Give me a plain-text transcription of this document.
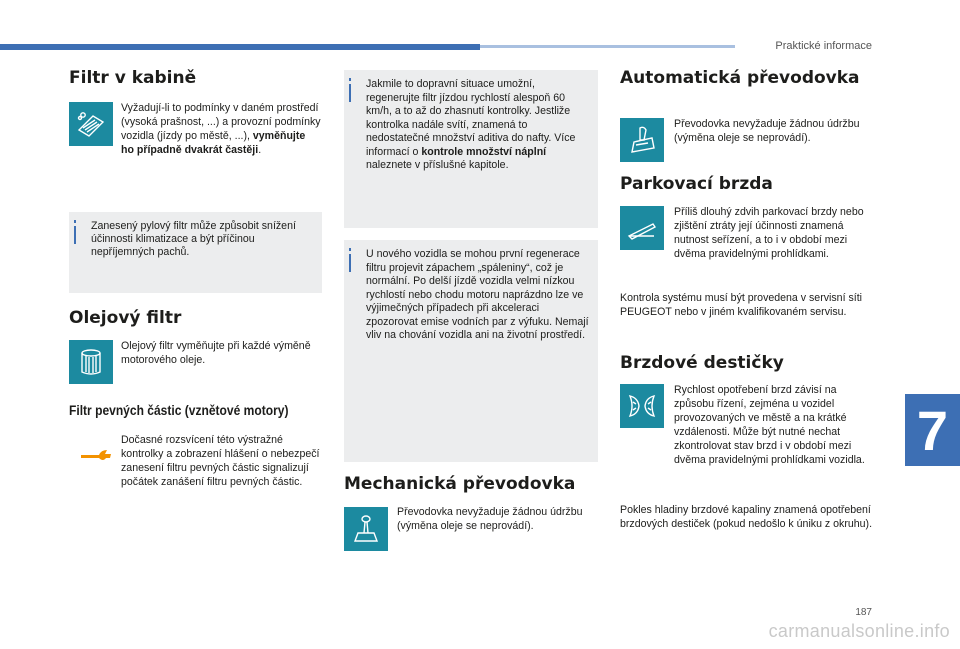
Praktické informace
7
187
carmanualsonline.info
Filtr v kabině
Vyžadují-li to podmínky v daném prostředí (vysoká prašnost, ...) a provozní podmínky vozidla (jízdy po městě, ...), vyměňujte ho případně dvakrát častěji.
Zanesený pylový filtr může způsobit snížení účinnosti klimatizace a být příčinou nepříjemných pachů.
Olejový filtr
Olejový filtr vyměňujte při každé výměně motorového oleje.
Filtr pevných částic (vznětové motory)
Dočasné rozsvícení této výstražné kontrolky a zobrazení hlášení o nebezpečí zanesení filtru pevných částic signalizují počátek zanášení filtru pevných částic.
Jakmile to dopravní situace umožní, regenerujte filtr jízdou rychlostí alespoň 60 km/h, a to až do zhasnutí kontrolky. Jestliže kontrolka nadále svítí, znamená to nedostatečné množství aditiva do nafty. Více informací o kontrole množství náplní naleznete v příslušné kapitole.
U nového vozidla se mohou první regenerace filtru projevit zápachem „spáleniny“, což je normální. Po delší jízdě vozidla velmi nízkou rychlostí nebo chodu motoru naprázdno lze ve výjimečných případech při akceleraci zpozorovat emise vodních par z výfuku. Nemají vliv na chování vozidla ani na životní prostředí.
Mechanická převodovka
Převodovka nevyžaduje žádnou údržbu (výměna oleje se neprovádí).
Automatická převodovka
Převodovka nevyžaduje žádnou údržbu (výměna oleje se neprovádí).
Parkovací brzda
Příliš dlouhý zdvih parkovací brzdy nebo zjištění ztráty její účinnosti znamená nutnost seřízení, a to i v období mezi dvěma pravidelnými prohlídkami.
Kontrola systému musí být provedena v servisní síti PEUGEOT nebo v jiném kvalifikovaném servisu.
Brzdové destičky
Rychlost opotřebení brzd závisí na způsobu řízení, zejména u vozidel provozovaných ve městě a na krátké vzdálenosti. Může být nutné nechat zkontrolovat stav brzd i v období mezi dvěma pravidelnými prohlídkami vozidla.
Pokles hladiny brzdové kapaliny znamená opotřebení brzdových destiček (pokud nedošlo k úniku z okruhu).
